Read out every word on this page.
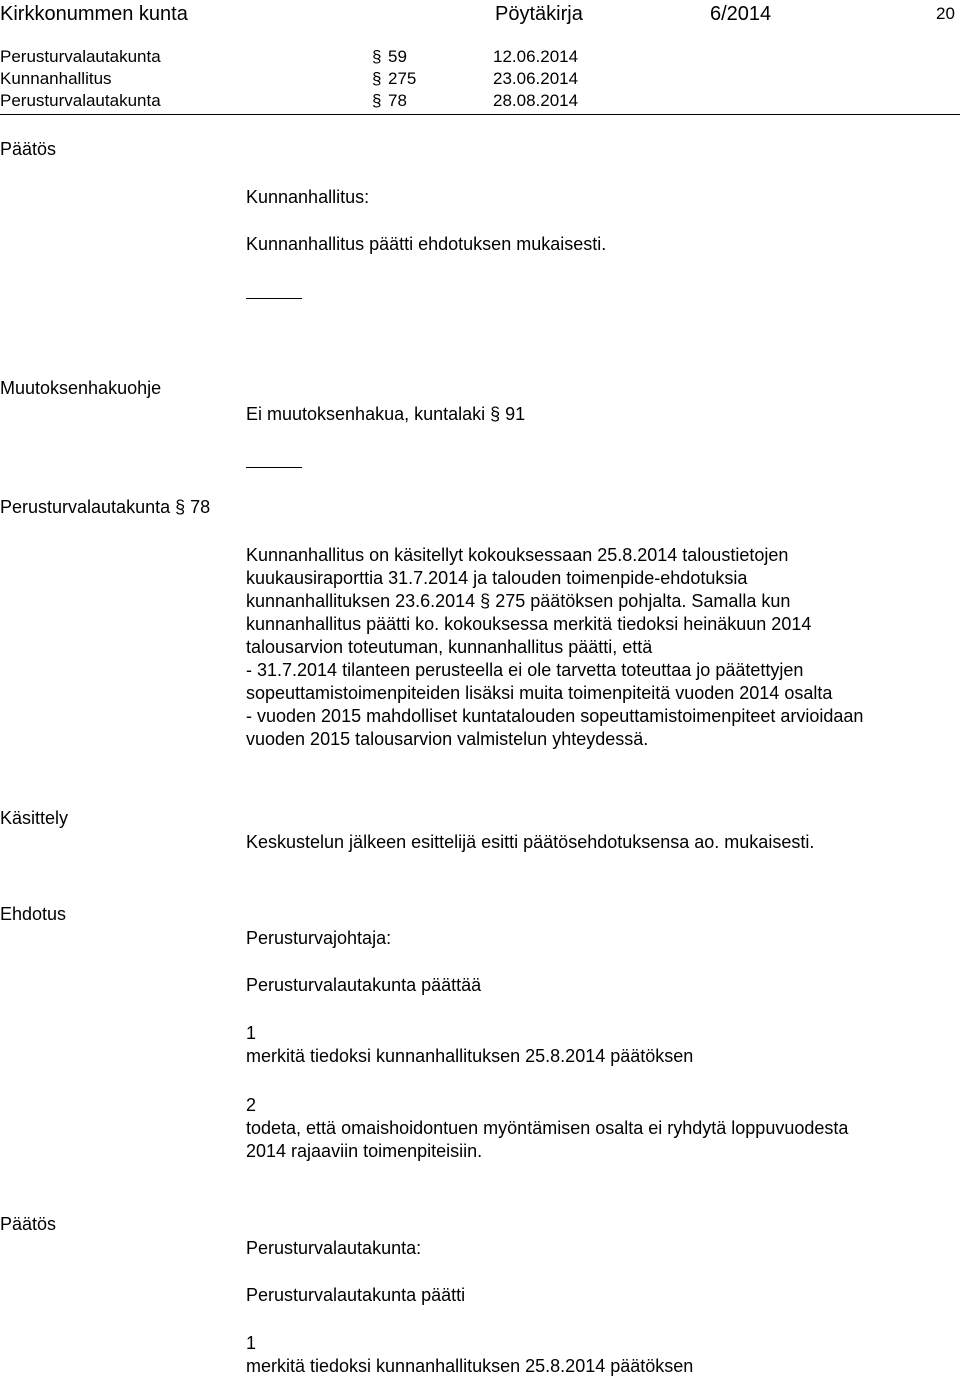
Kirkkonummen kunta	Pöytäkirja	6/2014	20
Perusturvalautakunta	§ 59	12.06.2014
Kunnanhallitus	§ 275	23.06.2014
Perusturvalautakunta	§ 78	28.08.2014
Päätös
Kunnanhallitus:
Kunnanhallitus päätti ehdotuksen mukaisesti.
Muutoksenhakuohje
Ei muutoksenhakua, kuntalaki § 91
Perusturvalautakunta § 78
Kunnanhallitus on käsitellyt kokouksessaan 25.8.2014 taloustietojen
kuukausiraporttia 31.7.2014 ja talouden toimenpide-ehdotuksia
kunnanhallituksen 23.6.2014 § 275 päätöksen pohjalta. Samalla kun
kunnanhallitus päätti ko. kokouksessa merkitä tiedoksi heinäkuun 2014
talousarvion toteutuman, kunnanhallitus päätti, että
- 31.7.2014 tilanteen perusteella ei ole tarvetta toteuttaa jo päätettyjen
sopeuttamistoimenpiteiden lisäksi muita toimenpiteitä vuoden 2014 osalta
- vuoden 2015 mahdolliset kuntatalouden sopeuttamistoimenpiteet arvioidaan
vuoden 2015 talousarvion valmistelun yhteydessä.
Käsittely
Keskustelun jälkeen esittelijä esitti päätösehdotuksensa ao. mukaisesti.
Ehdotus
Perusturvajohtaja:
Perusturvalautakunta päättää
1
merkitä tiedoksi kunnanhallituksen 25.8.2014 päätöksen
2
todeta, että omaishoidontuen myöntämisen osalta ei ryhdytä loppuvuodesta
2014 rajaaviin toimenpiteisiin.
Päätös
Perusturvalautakunta:
Perusturvalautakunta päätti
1
merkitä tiedoksi kunnanhallituksen 25.8.2014 päätöksen
